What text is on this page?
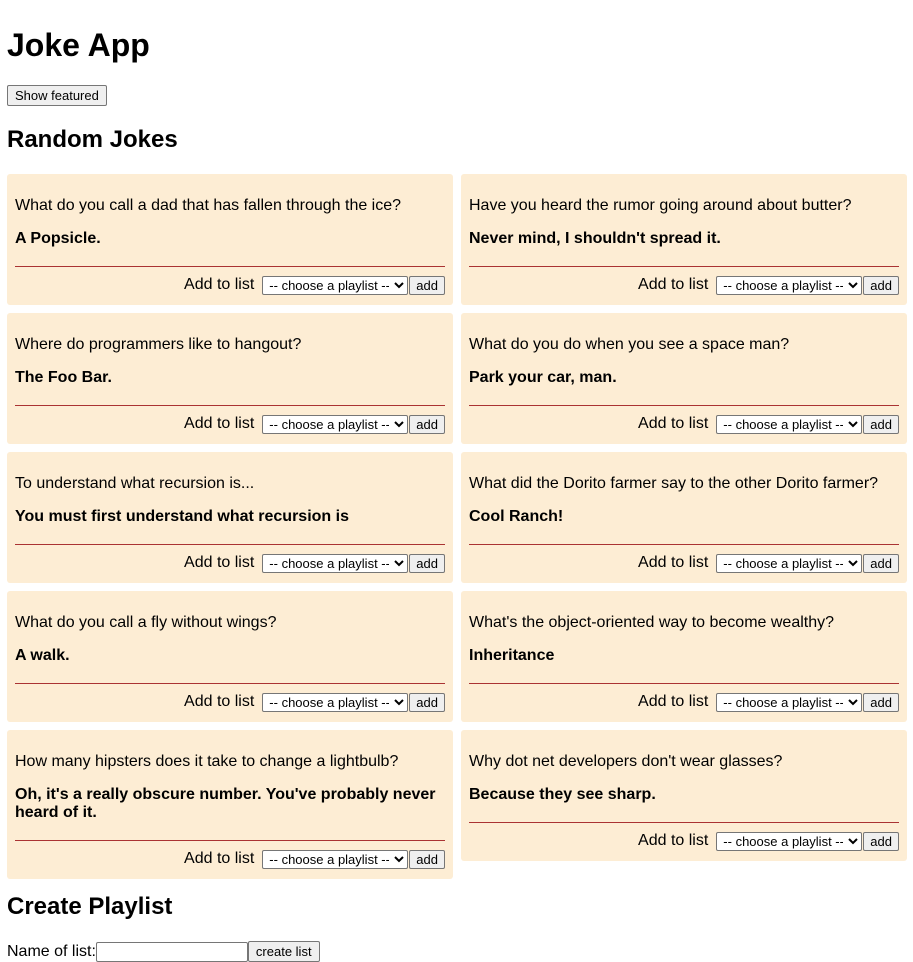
Joke App
Show featured
Random Jokes

What do you call a dad that has fallen through the ice?

A Popsicle.
Add to list
-- choose a playlist --	add

Have you heard the rumor going around about butter?

Never mind, I shouldn't spread it.
Add to list
-- choose a playlist --	add

Where do programmers like to hangout?

The Foo Bar.
Add to list
-- choose a playlist --	add

What do you do when you see a space man?

Park your car, man.
Add to list
-- choose a playlist --	add

To understand what recursion is...

You must first understand what recursion is
Add to list
-- choose a playlist --	add

What did the Dorito farmer say to the other Dorito farmer?

Cool Ranch!
Add to list
-- choose a playlist --	add

What do you call a fly without wings?

A walk.
Add to list
-- choose a playlist --	add

What's the object-oriented way to become wealthy?

Inheritance
Add to list
-- choose a playlist --	add

How many hipsters does it take to change a lightbulb?

Oh, it's a really obscure number. You've probably never heard of it.
Add to list
-- choose a playlist --	add

Why dot net developers don't wear glasses?

Because they see sharp.
Add to list
-- choose a playlist --	add
Create Playlist
Name of list:	create list
